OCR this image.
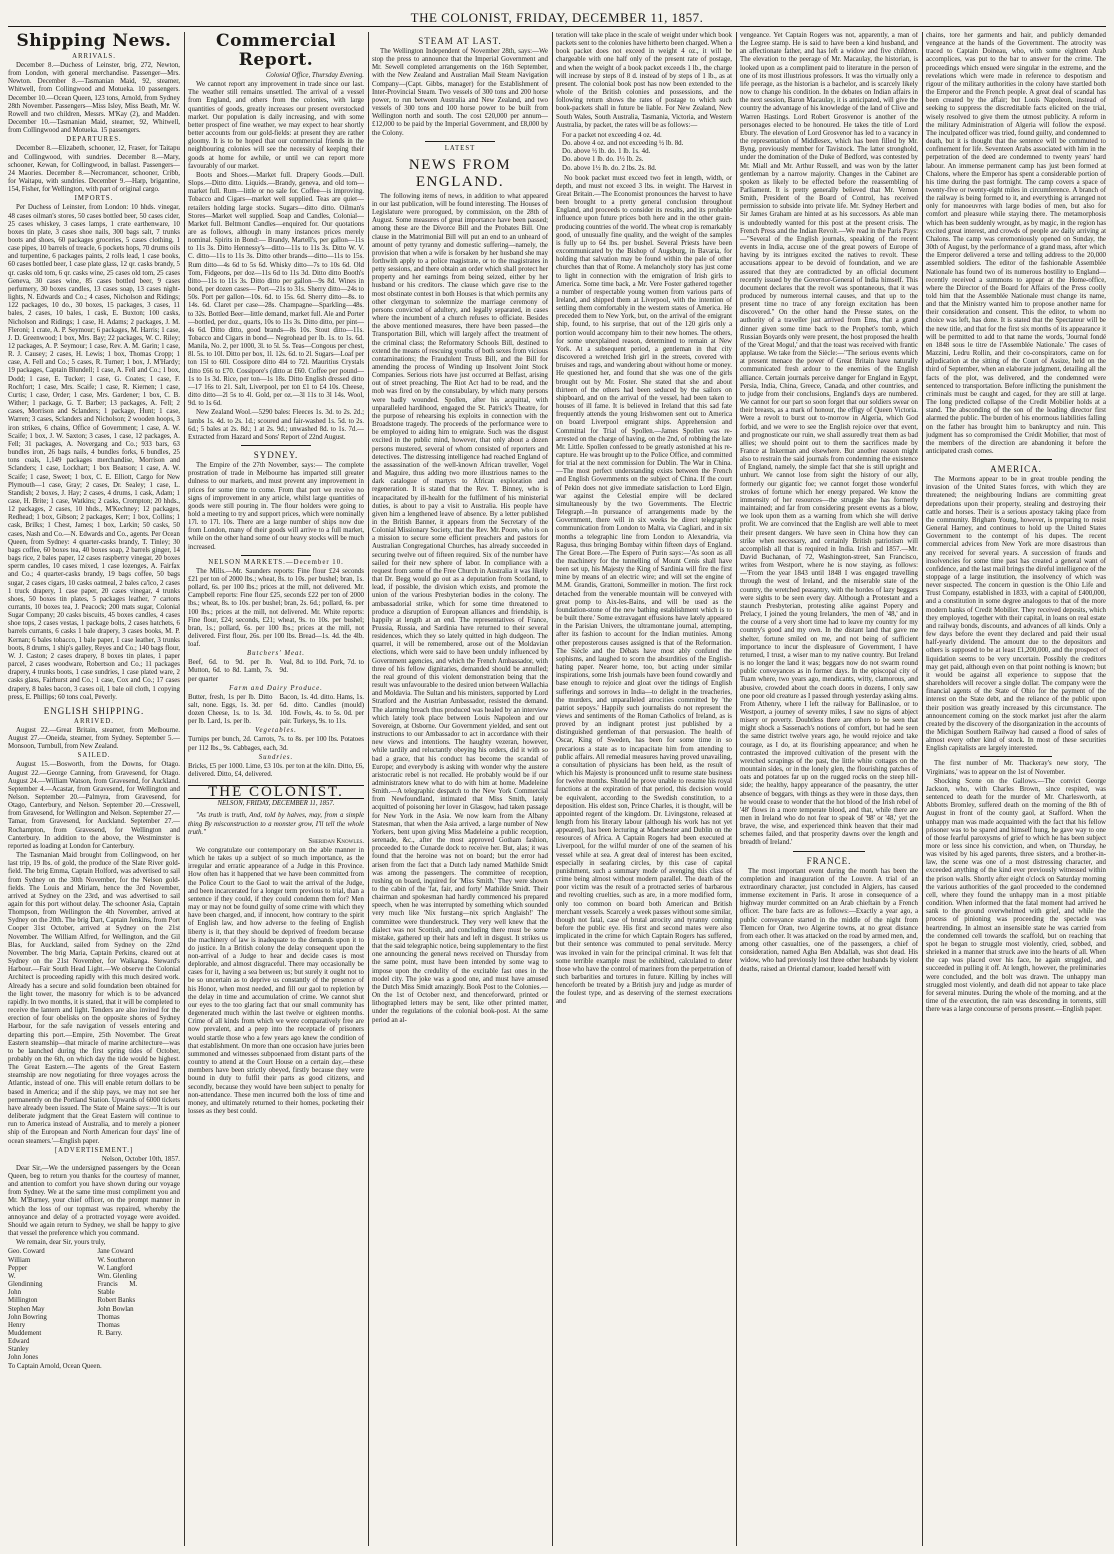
THE COLONIST, FRIDAY, DECEMBER 11, 1857.
Shipping News.
ARRIVALS.

December 8.—Duchess of Leinster, brig, 272, Newton, from London, with general merchandise. Passenger—Mrs. Newton. December 8.—Tasmanian Maid, 92, steamer, Whitwell, from Collingwood and Motueka. 10 passengers. December 10.—Ocean Queen, 123 tons, Arnold, from Sydney 28th November. Passengers—Miss Isley, Miss Beath, Mr. W. Rowell and two children, Messrs. M'Kay (2), and Madden. December 10.—Tasmanian Maid, steamer, 92, Whitwell, from Collingwood and Motueka. 15 passengers.

DEPARTURES.

December 8.—Elizabeth, schooner, 12, Fraser, for Taitapu and Collingwood, with sundries. December 8.—Mary, schooner, Kewan, for Collingwood, in ballast. Passengers—24 Maories. December 8.—Necromancer, schooner, Cribb, for Waitapu, with sundries. December 9.—Harp, brigantine, 154, Fisher, for Wellington, with part of original cargo.

IMPORTS.

Per Duchess of Leinster, from London: 10 hhds. vinegar, 48 cases oilman's stores, 50 cases bottled beer, 50 cases cider, 25 cases whiskey, 3 cases lamps, 1 crate earthenware, 10 boxes tin plate, 3 cases shoe nails, 300 bags salt, 7 trunks boots and shoes, 60 packages groceries, 5 cases clothing, 1 case pipes, 10 barrels of treacle, 6 pockets hops, 70 drums oils and turpentine, 6 packages paints, 2 rolls lead, 1 case books, 60 cases bottled beer, 1 case plate glass, 12 qr. casks brandy, 5 qr. casks old tom, 6 qr. casks wine, 25 cases old tom, 25 cases Geneva, 30 cases wine, 85 cases bottled beer, 9 cases perfumery, 30 boxes candles, 13 cases soap, 13 cases night-lights, N. Edwards and Co.; 4 cases, Nicholson and Ridings; 122 packages, 10 do., 30 boxes, 15 packages, 3 cases, 11 bales, 2 cases, 10 bales, 1 cask, E. Buxton; 100 casks, Nicholson and Ridings; 1 case, H. Adams; 2 packages, J. M. Fleroni; 1 crate, A. P. Seymour; 6 packages, M. Harris; 1 case, J. D. Greenwood; 1 box, Mrs. Bay; 22 packages, W. C. Riley; 12 packages, A. P. Seymour; 1 case, Rev. A. M. Garin; 1 case, R. J. Causey; 2 cases, H. Lewis; 1 box, Thomas Cropp; 1 case, A. Fell and Co.; 5 cases, R. Turner; 1 box, J. M'Hardy; 19 packages, Captain Blundell; 1 case, A. Fell and Co.; 1 box, Dodd; 1 case, E. Tucker; 1 case, G. Coates; 1 case, F. Rochfort; 1 case, Mrs. Scaife; 1 case, R. Kiernen; 1 case, Curtis; 1 case, Order; 1 case, Mrs. Gardener; 1 box, C. B. Wither; 1 package, G. T. Barber; 13 packages, A. Fell; 2 cases, Morrison and Sclanders; 1 package, Hunt; 1 case, Warren; 3 cases, Sclanders and Nicholson; 2 wooden hoops, 3 iron strikes, 6 chains, Office of Government; 1 case, A. W. Scaife; 1 box, J. W. Saxton; 3 cases, 1 case, 12 packages, A. Fell; 31 packages, A. Novergang and Co.; 933 bars, 63 bundles iron, 26 bags nails, 4 bundles forks, 6 bundles, 25 tons coals, 1,149 packages merchandise, Morrison and Sclanders; 1 case, Lockhart; 1 box Beatson; 1 case, A. W. Scaife; 1 case, Sweet; 1 box, C. E. Elliott, Cargo for New Plymouth—1 case, Gray; 2 cases, Dr. Sealey; 1 case, L. Standish; 2 boxes, J. Hay; 2 cases, 4 drums, 1 cask, Adam; 1 case, H. Brite; 1 case, Watkins; 2 casks, Crompton; 20 hhds., 12 packages, 2 cases, 10 hhds., M'Kechney; 12 packages, Redhead; 1 box, Gibson; 2 packages, Kerr; 1 box, Collins; 1 cask, Brilks; 1 Chest, James; 1 box, Larkin; 50 casks, 50 cases, Nash and Co.—N. Edwards and Co., agents. Per Ocean Queen, from Sydney: 4 quarter-casks brandy, T. Tinley; 30 bags coffee, 60 boxes tea, 40 boxes soap, 2 barrels ginger, 14 bags rice, 2 bales paper, 12 cases raspberry vinegar, 20 boxes sperm candles, 10 cases mixed, 1 case lozenges, A. Fairfax and Co.; 4 quarter-casks brandy, 19 bags coffee, 50 bags sugar, 2 cases cigars, 10 casks oatmeal, 2 bales ca'lco, 2 cases 1 truck drapery, 1 case paper, 20 cases vinegar, 4 trunks shoes, 50 boxes tin plates, 5 packages leather, 7 cartons currants, 10 boxes tea, J. Peacock; 200 mats sugar, Colonial Sugar Company; 20 casks biscuits, 45 boxes candles, 4 cases shoe tops, 2 cases vestas, 1 package bolts, 2 cases hatchets, 6 barrels currants, 6 casks 1 bale drapery, 3 cases books, M. P. Kernan; 6 bales tobacco, 1 bale paper, 1 case leather, 3 trunks boots, 8 drums, 1 ship's galley, Reyes and Co.; 140 bags flour, W. J. Caston; 2 cases drapery, 8 boxes tin plates, 1 paper parcel, 2 cases woodware, Robertson and Co.; 11 packages drapery, 4 trunks boots, 1 case sundries, 1 case plated ware, 2 casks glass, Fairhurst and Co.; 1 case, Cox and Co.; 17 cases drapery, 8 bales bacon, 3 cases oil, 1 bale oil cloth, 1 copying press, E. Phillips; 60 tons coal, Peverly.

ENGLISH SHIPPING.
ARRIVED.

August 22.—Great Britain, steamer, from Melbourne. August 27.—Oneida, steamer, from Sydney. September 5.—Monsoon, Turnbull, from New Zealand.

SAILED.

August 15.—Bosworth, from the Downs, for Otago. August 22.—George Canning, from Gravesend, for Otago. August 24.—William Watson, from Gravesend, for Auckland. September 4.—Acastar, from Gravesend, for Wellington and Nelson. September 20.—Palmyra, from Gravesend, for Otago, Canterbury, and Nelson. September 20.—Cresswell, from Gravesend, for Wellington and Nelson. September 27.—Tamar, from Gravesend, for Auckland. September 27.—Rochampton, from Gravesend, for Wellington and Canterbury. In addition to the above, the Westminster is reported as loading at London for Canterbury.

The Tasmanian Maid brought from Collingwood, on her last trip, 19 lbs. of gold, the produce of the Slate River gold-field. The brig Emma, Captain Holford, was advertised to sail from Sydney on the 30th November, for the Nelson gold-fields. The Louis and Miriam, hence the 3rd November, arrived at Sydney on the 23rd, and was advertised to sail again for this port without delay. The schooner Asia, Captain Thompson, from Wellington the 4th November, arrived at Sydney on the 20th. The brig Dart, Captain Jenkins, from Port Cooper 31st October, arrived at Sydney on the 21st November. The William Alfred, for Wellington, and the Gil Blas, for Auckland, sailed from Sydney on the 22nd November. The brig Maria, Captain Perkins, cleared out at Sydney on the 21st November, for Waikanga. Steward's Harbour.—Fair South Head Light.—We observe the Colonial Architect is proceeding rapidly with this much desired work. Already has a secure and solid foundation been obtained for the light tower, the masonry for which is to be advanced rapidly. In two months, it is stated, that it will be completed to receive the lantern and light. Tenders are also invited for the erection of four obelisks on the opposite shores of Sydney Harbour, for the safe navigation of vessels entering and departing this port.—Empire, 25th November. The Great Eastern steamship—that miracle of marine architecture—was to be launched during the first spring tides of October, probably on the 6th, on which day the tide would be highest. The Great Eastern.—The agents of the Great Eastern steamship are now negotiating for three voyages across the Atlantic, instead of one. This will enable return dollars to be based in America; and if the ship pays, we may not see her permanently on the Portland Station. Upwards of 6000 tickets have already been issued. The State of Maine says:—'It is our deliberate judgment that the Great Eastern will continue to run to America instead of Australia, and to merely a pioneer ship of the European and North American four days' line of ocean steamers.'—English paper.

[ADVERTISEMENT.]

Nelson, October 10th, 1857.

Dear Sir,—We the undersigned passengers by the Ocean Queen, beg to return you thanks for the courtesy of manner, and attention to comfort you have shown during our voyage from Sydney. We at the same time must compliment you and Mr. M'Burney, your chief officer, on the prompt manner in which the loss of our topmast was repaired, whereby the annoyance and delay of a protracted voyage were avoided. Should we again return to Sydney, we shall be happy to give that vessel the preference which you command.

We remain, dear Sir, yours truly,

Geo. Coward
William Pepper
W. Glendinning
John Millington
Stephen May
John Bowring
Henry Muddement
Edward Stanley
John Jones
Jane Coward
W. Southeron
W. Langford
Wm. Glenling
Francis M. Stable
Robert Banks
John Bowlan
Thomas Thomas
R. Barry.

To Captain Arnold, Ocean Queen.

Commercial Report.

Colonial Office, Thursday Evening.

We cannot report any improvement in trade since our last. The weather still remains unsettled. The arrival of a vessel from England, and others from the colonies, with large quantities of goods, greatly increases our present overstocked market. Our population is daily increasing, and with some better prospect of fine weather, we may expect to hear shortly better accounts from our gold-fields: at present they are rather gloomy. It is to be hoped that our commercial friends in the neighbouring colonies will see the necessity of keeping their goods at home for awhile, or until we can report more favourably of our market.

Boots and Shoes.—Market full. Drapery Goods.—Dull. Slops.—Ditto ditto. Liquids.—Brandy, geneva, and old tom—market full. Rum—little or no sale for. Coffee—is improving. Tobacco and Cigars—market well supplied. Teas are quiet—retailers holding large stocks. Sugars—ditto ditto. Oilman's Stores—Market well supplied. Soap and Candles, Colonial—Market full. Beltmont Candles—enquired for. Our quotations are as follows, although in many instances prices merely nominal. Spirits in Bond:— Brandy, Martell's, per gallon—11s to 11s 3s. Ditto Hennessy's—ditto—11s to 11s 3s. Ditto W. V. C. ditto—11s to 11s 3s. Ditto other brands—ditto—11s to 15s. Rum ditto—4s 6d to 5s 6d. Whisky ditto—7s to 10s 6d. Old Tom, Fidgeons, per doz—11s 6d to 11s 3d. Ditto ditto Booth's ditto—11s to 11s 3s. Ditto ditto per gallon—9s 8d. Wines in bond, per dozen cases— Port—21s to 31s. Sherry ditto—24s to 50s. Port per gallon—10s. 6d. to 15s. 6d. Sherry ditto—8s. to 14s. 6d. Claret per case—28s. Champagne—Sparkling—48s. to 32s. Bottled Beer—little demand, market full. Ale and Porter—bottled, per doz., quarts, 10s to 11s 3s. Ditto ditto, per pint—4s 6d. Ditto ditto, good brands—8s 10s. Stout ditto—11s. Tobacco and Cigars in bond— Negrohead per lb. 1s. to 1s. 6d. Manila, No. 2, per 1000, 3l. to 5l. 5s. Teas—Congous per chest, 8l. 5s. to 10l. Ditto per box, 1l. 12s. 6d. to 2l. Sugars—Loaf per ton 15l to 60l. Cossipore ditto 4l4 to 72l. Mauritius Crystals ditto £66 to £70. Cossipore's (ditto at £60. Coffee per pound—1s to 1s 3d. Rice, per ton—1s 18s. Ditto English dressed ditto—17 16s to 21. Salt, Liverpool, per ton £1 to £4 10s. Cheese, ditto ditto—2l 5s to 4l. Gold, per oz.—3l 11s to 3l 14s. Wool, 9d. to 1s 6d.

New Zealand Wool.—5290 bales: Fleeces 1s. 3d. to 2s. 2d.; lambs 1s. 4d. to 2s. 1d.; scoured and fair-washed 1s. 5d. to 2s. 6d.; 5 bales at 2s. 8d.; 1 at 2s. 9d.; unwashed 8d. to 1s. 7d.—Extracted from Hazard and Sons' Report of 22nd August.

SYDNEY.

The Empire of the 27th November, says:— The complete prostration of trade in Melbourne has imparted still greater dulness to our markets, and must prevent any improvement in prices for some time to come. From that port we receive no signs of improvement in any article, whilst large quantities of goods were still pouring in. The flour holders were going to hold a meeting to try and support prices, which were nominally 17l. to 17l. 10s. There are a large number of ships now due from London, many of their goods will arrive to a full market, while on the other hand some of our heavy stocks will be much increased.

NELSON MARKETS.—December 10.

The Mills.—Mr. Saunders reports: Fine flour £24 seconds £21 per ton of 2000 lbs.; wheat, 8s. to 10s. per bushel; bran, 1s. pollard, 6s. per 100 lbs.; prices at the mill, not delivered. Mr. Campbell reports: Fine flour £25, seconds £22 per ton of 2000 lbs.; wheat, 8s. to 10s. per bushel; bran, 2s. 6d.; pollard, 6s. per 100 lbs.; prices at the mill, not delivered. Mr. White reports: Fine flour, £24; seconds, £21; wheat, 9s. to 10s. per bushel; bran, 1s.; pollard, 6s. per 100 lbs.; prices at the mill, not delivered. First flour, 26s. per 100 lbs. Bread—1s. 4d. the 4lb. loaf.

Butchers' Meat.
Beef, 6d. to 9d. per lb. Mutton, 6d. to 8d. Lamb, 7s. per quarter
Veal, 8d. to 10d. Pork, 7d. to 9d.
Farm and Dairy Produce.
Butter, fresh, 1s per lb. Ditto salt, none. Eggs, 1s. 3d. per dozen Cheese, 1s. to 1s. 3d. per lb. Lard, 1s. per lb.
Bacon, 1s. 4d. ditto. Hams, 1s. 6d. ditto. Candles (mould) 10d. Fowls, 4s. to 5s. 0d. per pair. Turkeys, 9s. to 11s.
Vegetables.

Turnips per bunch, 2d. Carrots, 7s. to 8s. per 100 lbs. Potatoes per 112 lbs., 9s. Cabbages, each, 3d.

Sundries.

Bricks, £5 per 1000. Lime, £3 10s. per ton at the kiln. Ditto, £6, delivered. Ditto, £4, delivered.

THE COLONIST.
NELSON, FRIDAY, DECEMBER 11, 1857.

"As truth is truth, And, told by halves, may, from a simple thing By misconstruction to a monster grow, I'll tell the whole truth."

Sheridan Knowles.

We congratulate our contemporary on the able manner in which he takes up a subject of so much importance, as the irregular and erratic appearance of a Judge in this Province. How often has it happened that we have been committed from the Police Court to the Gaol to wait the arrival of the Judge, and been incarcerated for a longer term previous to trial, than a sentence if they could, if they could condemn them for? Men may or may not be found guilty of some crime with which they have been charged, and, if innocent, how contrary to the spirit of English law, and how adverse to the feeling of English liberty is it, that they should be deprived of freedom because the machinery of law is inadequate to the demands upon it to do justice. In a British colony the delay consequent upon the non-arrival of a Judge to hear and decide cases is most deplorable, and almost disgraceful. There may occasionally be cases for it, having a sea between us; but surely it ought not to be so uncertain as to deprive us constantly of the presence of his Honor, when most needed, and fill our gaol to repletion by the delay in time and accumulation of crime. We cannot shut our eyes to the too glaring fact that our small community has degenerated much within the last twelve or eighteen months. Crime of all kinds from which we were comparatively free are now prevalent, and a peep into the receptacle of prisoners would startle those who a few years ago knew the condition of that establishment. On more than one occasion have juries been summoned and witnesses subpoenaed from distant parts of the country to attend at the Court House on a certain day,—these members have been strictly obeyed, firstly because they were bound in duty to fulfil their parts as good citizens, and secondly, because they would have been subject to penalty for non-attendance. These men incurred both the loss of time and money, and ultimately returned to their homes, pocketing their losses as they best could.

STEAM AT LAST.

The Wellington Independent of November 28th, says:—We stop the press to announce that the Imperial Government and Mr. Sewell completed arrangements on the 16th September, with the New Zealand and Australian Mail Steam Navigation Company—(Capt. Gibbs, manager) for the Establishment of Inter-Provincial Steam. Two vessels of 300 tons and 200 horse power, to run between Australia and New Zealand, and two vessels of 300 tons and 100 horse power to be built from Wellington north and south. The cost £20,000 per annum—£12,000 to be paid by the Imperial Government, and £8,000 by the Colony.

LATEST
NEWS FROM ENGLAND.

The following items of news, in addition to what appeared in our last publication, will be found interesting. The Houses of Legislature were prorogued, by commission, on the 28th of August. Some measures of great importance have been passed; among these are the Divorce Bill and the Probates Bill. One clause in the Matrimonial Bill will put an end to an unheard of amount of petty tyranny and domestic suffering—namely, the provision that when a wife is forsaken by her husband she may forthwith apply to a police magistrate, or to the magistrates in petty sessions, and there obtain an order which shall protect her property and her earnings from being seized, either by her husband or his creditors. The clause which gave rise to the most obstinate contest in both Houses is that which permits any other clergyman to solemnize the marriage ceremony of persons convicted of adultery, and legally separated, in cases where the incumbent of a church refuses to officiate. Besides the above mentioned measures, there have been passed—the Transportation Bill, which will largely affect the treatment of the criminal class; the Reformatory Schools Bill, destined to extend the means of rescuing youths of both sexes from vicious contaminations; the Fraudulent Trusts Bill, and the Bill for amending the process of Winding up Insolvent Joint Stock Companies. Serious riots have just occurred at Belfast, arising out of street preaching. The Riot Act had to be read, and the mob was fired on by the constabulary, by which many persons were badly wounded. Spollen, after his acquittal, with unparalleled hardihood, engaged the St. Patrick's Theatre, for the purpose of rehearsing his exploits in connection with the Broadstone tragedy. The proceeds of the performance were to be employed to aiding him to emigrate. Such was the disgust excited in the public mind, however, that only about a dozen persons mustered, several of whom consisted of reporters and detectives. The distressing intelligence had reached England of the assassination of the well-known African traveller, Vogel and Maguire, thus adding two more illustrious names to the dark catalogue of martyrs to African exploration and regeneration. It is stated that the Rev. T. Binney, who is incapacitated by ill-health for the fulfilment of his ministerial duties, is about to pay a visit to Australia. His people have given him a lengthened leave of absence. By a letter published in the British Banner, it appears from the Secretary of the Colonial Missionary Society, that the Rev. Mr. Poore, who is on a mission to secure some efficient preachers and pastors for Australian Congregational Churches, has already succeeded in securing twelve out of fifteen required. Six of the number have sailed for their new sphere of labor. In compliance with a request from some of the Free Church in Australia it was likely that Dr. Begg would go out as a deputation from Scotland, to lead, if possible, the division which exists, and promote the union of the various Presbyterian bodies in the colony. The ambassadorial strike, which for some time threatened to produce a disruption of European alliances and friendship, is happily at length at an end. The representatives of France, Prussia, Russia, and Sardinia have returned to their several residences, which they so lately quitted in high dudgeon. The quarrel, it will be remembered, arose out of the Moldavian elections, which were said to have been unduly influenced by Government agencies, and which the French Ambassador, with three of his fellow dignitaries, demanded should be annulled; the real ground of this violent demonstration being that the result was unfavourable to the desired union between Wallachia and Moldavia. The Sultan and his ministers, supported by Lord Stratford and the Austrian Ambassador, resisted the demand. The alarming breach thus produced was healed by an interview which lately took place between Louis Napoleon and our Sovereign, at Osborne. Our Government yielded, and sent out instructions to our Ambassador to act in accordance with their new views and intentions. The haughty vezeran, however, while tardily and reluctantly obeying his orders, did it with so bad a grace, that his conduct has become the scandal of Europe; and everybody is asking with wonder why the austere aristocratic rebel is not recalled. He probably would be if our administrators knew what to do with him at home. Madeleine Smith.—A telegraphic despatch to the New York Commercial from Newfoundland, intimated that Miss Smith, lately acquitted of poisoning her lover in Glasgow, had taken passage for New York in the Asia. We now learn from the Albany Statesman, that when the Asia arrived, a large number of New Yorkers, bent upon giving Miss Madeleine a public reception, serenade, &c., after the most approved Gotham fashion, proceeded to the Cunarde dock to receive her. But, alas; it was found that the heroine was not on board; but the error had arisen from the fact that a Dutch lady named Mathilde Smidt was among the passengers. The committee of reception, rushing on board, inquired for 'Miss Smith.' They were shown to the cabin of the 'fat, fair, and forty' Mathilde Smidt. Their chairman and spokesman had hardly commenced his prepared speech, when he was interrupted by something which sounded very much like 'Nix furstang—nix sprich Anglaish!' The committee were thunderstruck. They very well knew that the dialect was not Scottish, and concluding there must be some mistake, gathered up their hats and left in disgust. It strikes us that the said telegraphic notice, being supplementary to the first one announcing the general news received on Thursday from the same point, must have been intended by some wag to impose upon the credulity of the excitable fast ones in the model city. The joke was a good one, and must have amused the Dutch Miss Smidt amazingly. Book Post to the Colonies.—On the 1st of October next, and thenceforward, printed or lithographed letters may be sent, like other printed matter, under the regulations of the colonial book-post. At the same period an al-

teration will take place in the scale of weight under which book packets sent to the colonies have hitherto been charged. When a book packet does not exceed in weight 4 oz., it will be chargeable with one half only of the present rate of postage, and when the weight of a book packet exceeds 1 lb., the charge will increase by steps of 8 d. instead of by steps of 1 lb., as at present. The colonial book post has now been extended to the whole of the British colonies and possessions, and the following return shows the rates of postage to which such book-packets shall in future be liable. For New Zealand, New South Wales, South Australia, Tasmania, Victoria, and Western Australia, by packet, the rates will be as follows:—

For a packet not exceeding 4 oz. 4d.
Do. above 4 oz. and not exceeding ½ lb. 8d.
Do. above ½ lb. do. 1 lb. 1s. 4d.
Do. above 1 lb. do. 1½ lb. 2s.
Do. above 1½ lb. do. 2 lbs. 2s. 8d.

No book packet must exceed two feet in length, width, or depth, and must not exceed 3 lbs. in weight. The Harvest in Great Britain.—The Economist pronounces the harvest to have been brought to a pretty general conclusion throughout England, and proceeds to consider its results, and its probable influence upon future prices both here and in the other grain-producing countries of the world. The wheat crop is remarkably good, of unusually fine quality, and the weight of the samples is fully up to 64 lbs. per bushel. Several Priests have been excommunicated by the Bishop of Augsburg, in Bavaria, for holding that salvation may be found within the pale of other churches than that of Rome. A melancholy story has just come to light in connection with the emigration of Irish girls to America. Some time back, a Mr. Vere Foster gathered together a number of respectable young women from various parts of Ireland, and shipped them at Liverpool, with the intention of settling them comfortably in the western states of America. He preceded them to New York, but, on the arrival of the emigrant ship, found, to his surprise, that out of the 120 girls only a portion would accompany him to their new homes. The others, for some unexplained reason, determined to remain at New York. At a subsequent period, a gentleman in that city discovered a wretched Irish girl in the streets, covered with bruises and rags, and wandering about without home or money. He questioned her, and found that she was one of the girls brought out by Mr. Foster. She stated that she and about thirteen of the others had been seduced by the sailors on shipboard, and on the arrival of the vessel, had been taken to houses of ill fame. It is believed in Ireland that this sad fate frequently attends the young Irishwomen sent out to America on board Liverpool emigrant ships. Apprehension and Committal for Trial of Spollen.—James Spollen was re-arrested on the charge of having, on the 2nd, of robbing the late Mr. Little. Spollen confessed to be greatly astonished at his re-capture. He was brought up to the Police Office, and committed for trial at the next commission for Dublin. The War in China.—The most perfect understanding exists between the French and English Governments on the subject of China. If the court of Pekin does not give immediate satisfaction to Lord Elgin, war against the Celestial empire will be declared simultaneously by the two Governments. The Electric Telegraph.—In pursuance of arrangements made by the Government, there will in six weeks be direct telegraphic communication from London to Malta, via Cagliari, and in six months a telegraphic line from London to Alexandria, via Ragusa, thus bringing Bombay within fifteen days of England. The Great Bore.—The Espero of Purin says:—'As soon as all the machinery for the tunnelling of Mount Cenis shall have been set up, his Majesty the King of Sardinia will fire the first mine by means of an electric wire; and will set the engine of M.M. Grandis, Grattoni, Sommeiller in motion. The first rock detached from the venerable mountain will be conveyed with great pomp to Aix-les-Bains, and will be used as the foundation-stone of the new bathing establishment which is to be built there.' Some extravagant effusions have lately appeared in the Parisian Univers, the ultramontane journal, attempting, after its fashion to account for the Indian mutinies. Among other preposterous causes assigned is that of the Reformation. The Siècle and the Débats have most ably confuted the sophisms, and laughed to scorn the absurdities of the English-hating paper. Nearer home, too, but acting under similar inspirations, some Irish journals have been found cowardly and base enough to rejoice and gloat over the tidings of English sufferings and sorrows in India—to delight in the treacheries, the murders, and unparalleled atrocities committed by 'the patriot sepoys.' Happily such journalists do not represent the views and sentiments of the Roman Catholics of Ireland, as is proved by an indignant protest just published by a distinguished gentleman of that persuasion. The health of Oscar, King of Sweden, has been for some time in so precarious a state as to incapacitate him from attending to public affairs. All remedial measures having proved unavailing, a consultation of physicians has been held, as the result of which his Majesty is pronounced unfit to resume state business for twelve months. Should he prove unable to resume his royal functions at the expiration of that period, this decision would be equivalent, according to the Swedish constitution, to a deposition. His eldest son, Prince Charles, it is thought, will be appointed regent of the kingdom. Dr. Livingstone, released at length from his literary labour (although his work has not yet appeared), has been lecturing at Manchester and Dublin on the resources of Africa. A Captain Rogers had been executed at Liverpool, for the wilful murder of one of the seamen of his vessel while at sea. A great deal of interest has been excited, especially in seafaring circles, by this case of capital punishment, such a summary mode of avenging this class of crime being almost without modern parallel. The death of the poor victim was the result of a protracted series of barbarous and revolting cruelties, such as are, in a more modified form, only too common on board both American and British merchant vessels. Scarcely a week passes without some similar, though not fatal, case of brutal atrocity and tyranny coming before the public eye. His first and second mates were also implicated in the crime for which Captain Rogers has suffered, but their sentence was commuted to penal servitude. Mercy was invoked in vain for the principal criminal. It was felt that some terrible example must be exhibited, calculated to deter those who have the control of mariners from the perpetration of such barbarities and tortures in future. Killing by inches will henceforth be treated by a British jury and judge as murder of the foulest type, and as deserving of the sternest execrations and

vengeance. Yet Captain Rogers was not, apparently, a man of the Legree stamp. He is said to have been a kind husband, and an affectionate father, and has left a widow and five children. The elevation to the peerage of Mr. Macaulay, the historian, is looked upon as a compliment paid to literature in the person of one of its most illustrious professors. It was tho virtually only a life peerage, as the historian is a bachelor, and is scarcely likely now to change his condition. In the debates on Indian affairs in the next session, Baron Macaulay, it is anticipated, will give the country the advantage of his knowledge of the land of Clive and Warren Hastings. Lord Robert Grosvenor is another of the personages elected to be honoured. He takes the title of Lord Ebury. The elevation of Lord Grosvenor has led to a vacancy in the representation of Middlesex, which has been filled by Mr. Byng, previously member for Tavistock. The latter stronghold, under the domination of the Duke of Bedford, was contested by Mr. Miall and Mr. Arthur Russell, and was won by the latter gentleman by a narrow majority. Changes in the Cabinet are spoken as likely to be effected before the reassembling of Parliament. It is pretty generally believed that Mr. Vernon Smith, President of the Board of Control, has received permission to subside into private life. Mr. Sydney Herbert and Sir James Graham are hinted at as his successors. As able man is undoubtedly wanted for this post at the present crisis. The French Press and the Indian Revolt.—We read in the Paris Pays:—"Several of the English journals, speaking of the recent events in India, accuse one of the great powers of Europe of having by its intrigues excited the natives to revolt. These accusations appear to be devoid of foundation, and we are assured that they are contradicted by an official document recently issued by the Governor-General of India himself. This document declares that the revolt was spontaneous, that it was produced by numerous internal causes, and that up to the present time no trace of any foreign excitation has been discovered." On the other hand the Presse states, on the authority of a traveller just arrived from Ems, that a grand dinner given some time back to the Prophet's tomb, which Russian Boyards only were present, the host proposed the health of the 'Great Mogul,' and that the toast was received with frantic applause. We take from the Siècle:—"The serious events which at present menace the power of Great Britain have naturally communicated fresh ardour to the enemies of the English alliance. Certain journals perceive danger for England in Egypt, Persia, India, China, Greece, Canada, and other countries, and to judge from their conclusions, England's days are numbered. We cannot for our part so soon forget that our soldiers swear on their breasts, as a mark of honour, the effigy of Queen Victoria. Were a revolt to burst out to-morrow in Algeria, which God forbid, and we were to see the English rejoice over that event, and prognosticate our ruin, we shall assuredly treat them as bad allies; we should point out to them the sacrifices made by France at Inkerman and elsewhere. But another reason might also to restrain the said journals from condemning the existence of England, namely, the simple fact that she is still upright and unhurt. We cannot lose from sight the history of our ally, formerly our gigantic foe; we cannot forget those wonderful strokes of fortune which her energy prepared. We know the immensity of her resources—the struggle she has formerly maintained; and far from considering present events as a blow, we look upon them as a warning from which she will derive profit. We are convinced that the English are well able to meet their present dangers. We have seen in China how they can strike when necessary, and certainly British patriotism will accomplish all that is required in India. Irish and 1857.—Mr. David Buchanan, of 72, Washington-street, San Francisco, writes from Westport, where he is now staying, as follows:—'From the year 1843 until 1848 I was engaged travelling through the west of Ireland, and the miserable state of the country, the wretched peasantry, with the hordes of lazy beggars were sights to be seen every day. Although a Protestant and a staunch Presbyterian, protesting alike against Popery and Prelacy, I joined the young Irelanders, 'the men of '48,' and in the course of a very short time had to leave my country for my country's good and my own. In the distant land that gave me shelter, fortune smiled on me, and not being of sufficient importance to incur the displeasure of Government, I have returned, I trust, a wiser man to my native country. But Ireland is no longer the land it was; beggars now do not swarm round public conveyances as in former days. In the episcopal city of Tuam where, two years ago, mendicants, witty, clamorous, and abusive, crowded about the coach doors in dozens, I only saw one poor old creature as I passed through yesterday asking alms. From Athenry, where I left the railway for Ballinasloe, or to Westport, a journey of seventy miles, I saw no signs of abject misery or poverty. Doubtless there are others to be seen that might shock a Sassenach's notions of comfort, but had he seen the same district twelve years ago, he would rejoice and take courage, as I do, at its flourishing appearance; and when he contrasted the improved cultivation of the present with the wretched scrapings of the past, the little white cottages on the mountain sides, or in the lonely glen, the flourishing patches of oats and potatoes far up on the rugged rocks on the steep hill-side; the healthy, happy appearance of the peasantry, the utter absence of beggars, with things as they were in those days, then he would cease to wonder that the hot blood of the Irish rebel of '48' flows in a more temperate blood, and that, while there are men in Ireland who do not fear to speak of '98' or '48,' yet the brave, the wise, and experienced think heaven that their mad schemes failed, and that prosperity dawns over the length and breadth of Ireland.'

FRANCE.

The most important event during the month has been the completion and inauguration of the Louvre. A trial of an extraordinary character, just concluded in Algiers, has caused immense excitement in Paris. It arose in consequence of a highway murder committed on an Arab chieftain by a French officer. The bare facts are as follows:—Exactly a year ago, a public conveyance started in the middle of the night from Tlemcen for Oran, two Algerine towns, at no great distance from each other. It was attacked on the road by armed men, and, among other casualties, one of the passengers, a chief of consideration, named Agha Ben Abdallah, was shot dead. His widow, who had previously lost three other husbands by violent deaths, raised an Oriental clamour, loaded herself with

chains, tore her garments and hair, and publicly demanded vengeance at the hands of the Government. The atrocity was traced to Captain Doineau, who, with some eighteen Arab accomplices, was put to the bar to answer for the crime. The proceedings which ensued were singular in the extreme, and the revelations which were made in reference to despotism and rigour of the military authorities in the colony have startled both the Emperor and the French people. A great deal of scandal has been created by the affair; but Louis Napoleon, instead of seeking to suppress the discreditable facts elicited on the trial, wisely resolved to give them the utmost publicity. A reform in the military Administration of Algeria will follow the exposé. The inculpated officer was tried, found guilty, and condemned to death, but it is thought that the sentence will be commuted to confinement for life. Seventeen Arabs associated with him in the perpetration of the deed are condemned to twenty years' hard labour. An immense permanent camp has just been formed at Chalons, where the Emperor has spent a considerable portion of his time during the past fortnight. The camp covers a space of twenty-five or twenty-eight miles in circumference. A branch of the railway is being formed to it, and everything is arranged not only for manoeuvres with large bodies of men, but also for comfort and pleasure while staying there. The metamorphosis which has been suddenly wrought, as by magic, in the region has excited great interest, and crowds of people are daily arriving at Chalons. The camp was ceremoniously opened on Sunday, the 30th of August, by the performance of a grand mass, after which the Emperor delivered a terse and telling address to the 20,000 assembled soldiers. The editor of the fashionable Assemblée Nationale has found two of its numerous hostility to England—recently received a summons to appear at the Home-office, where the Director of the Board for Affairs of the Press coolly told him that the Assemblée Nationale must change its name, and that the Ministry wanted him to propose another name for their consideration and consent. This the editor, to whom no choice was left, has done. It is stated that the Spectateur will be the new title, and that for the first six months of its appearance it will be permitted to add to that name the words, 'Journal fondé en 1848 sous le titre de l'Assemblée Nationale.' The cases of Mazzini, Ledru Rollin, and their co-conspirators, came on for adjudication at the sitting of the Court of Assize, held on the third of September, when an elaborate judgment, detailing all the facts of the plot, was delivered, and the condemned were sentenced to transportation. Before inflicting the punishment the criminals must be caught and caged, for they are still at large. The long predicted collapse of the Credit Mobilier holds at a stand. The absconding of the son of the leading director first alarmed the public. The burden of his enormous liabilities falling on the father has brought him to bankruptcy and ruin. This judgment has so compromised the Crédit Mobilier, that most of the members of the direction are abandoning it before the anticipated crash comes.

AMERICA.

The Mormons appear to be in great trouble pending the invasion of the United States forces, with which they are threatened; the neighbouring Indians are committing great depredations upon their property, stealing and destroying their cattle and horses. Their is a serious apostacy taking place from the community. Brigham Young, however, is preparing to resist General Harney, and continues to hold up the United States Government to the contempt of his dupes. The recent commercial advices from New York are more disastrous than any received for several years. A succession of frauds and insolvencies for some time past has created a general want of confidence, and the last mail brings the direful intelligence of the stoppage of a large institution, the insolvency of which was never suspected. The concern in question is the Ohio Life and Trust Company, established in 1833, with a capital of £400,000, and a constitution in some degree analogous to that of the more modern banks of Credit Mobilier. They received deposits, which they employed, together with their capital, in loans on real estate and railway bonds, discounts, and advances of all kinds. Only a few days before the event they declared and paid their usual half-yearly dividend. The amount due to the depositors and others is supposed to be at least £1,200,000, and the prospect of liquidation seems to be very uncertain. Possibly the creditors may get paid, although even on that point nothing is known; but it would be against all experience to suppose that the shareholders will recover a single dollar. The company were the financial agents of the State of Ohio for the payment of the interest on the State debt, and the reliance of the public upon their position was greatly increased by this circumstance. The announcement coming on the stock market just after the alarm created by the discovery of the disorganization in the accounts of the Michigan Southern Railway had caused a flood of sales of almost every other kind of stock. In most of these securities English capitalists are largely interested.

The first number of Mr. Thackeray's new story, 'The Virginians,' was to appear on the 1st of November.

Shocking Scene on the Gallows.—The convict George Jackson, who, with Charles Brown, since respited, was sentenced to death for the murder of Mr. Charlesworth, at Abbotts Bromley, suffered death on the morning of the 8th of August in front of the county gaol, at Stafford. When the unhappy man was made acquainted with the fact that his fellow prisoner was to be spared and himself hung, he gave way to one of those fearful paroxysms of grief to which he has been subject more or less since his conviction, and when, on Thursday, he was visited by his aged parents, three sisters, and a brother-in-law, the scene was one of a most distressing character, and exceeded anything of the kind ever previously witnessed within the prison walls. Shortly after eight o'clock on Saturday morning the various authorities of the gaol proceeded to the condemned cell, where they found the unhappy man in a most pitiable condition. When informed that the fatal moment had arrived he sank to the ground overwhelmed with grief, and while the process of pinioning was proceeding the spectacle was heartrending. In almost an insensible state he was carried from the condemned cell towards the scaffold, but on reaching that spot he began to struggle most violently, cried, sobbed, and shrieked in a manner that struck awe into the hearts of all. When the cap was placed over his face, he again struggled, and succeeded in pulling it off. At length, however, the preliminaries were concluded, and the bolt was drawn. The unhappy man struggled most violently, and death did not appear to take place for several minutes. During the whole of the morning, and at the time of the execution, the rain was descending in torrents, still there was a large concourse of persons present.—English paper.
